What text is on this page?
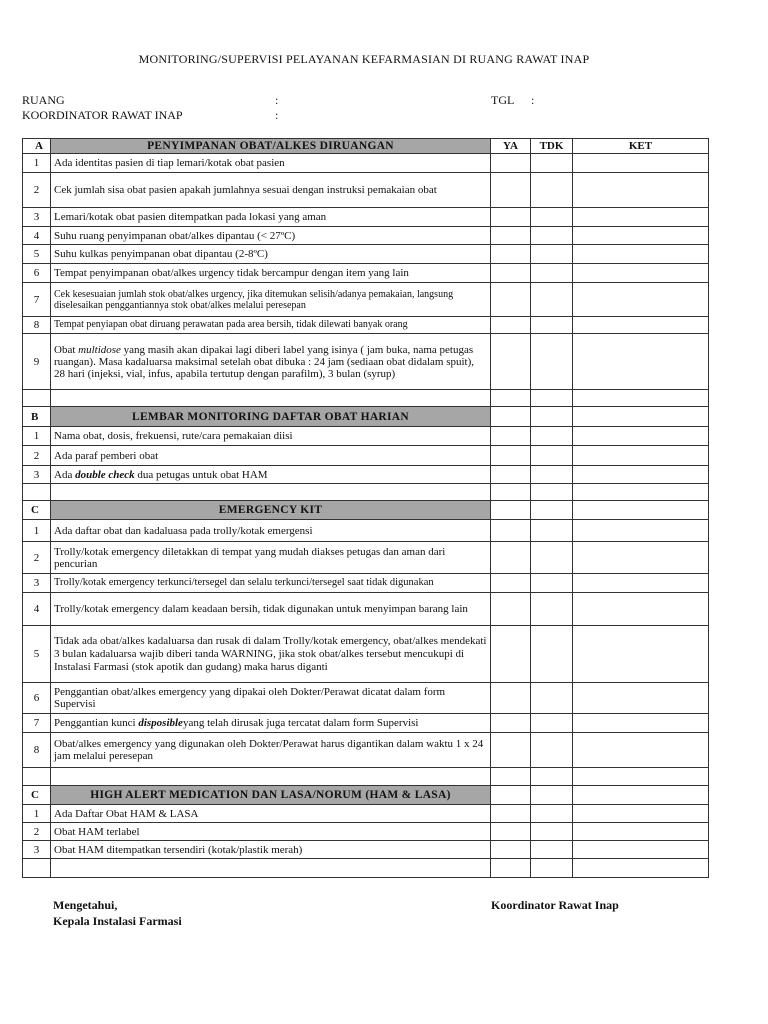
MONITORING/SUPERVISI PELAYANAN KEFARMASIAN DI RUANG RAWAT INAP
RUANG	:
KOORDINATOR RAWAT INAP	:
TGL :
A	PENYIMPANAN OBAT/ALKES DIRUANGAN	YA	TDK	KET
1	Ada identitas pasien di tiap lemari/kotak obat pasien			
2	Cek jumlah sisa obat pasien apakah jumlahnya sesuai dengan instruksi pemakaian obat			
3	Lemari/kotak obat pasien ditempatkan pada lokasi yang aman			
4	Suhu ruang penyimpanan obat/alkes dipantau (< 27ºC)			
5	Suhu kulkas penyimpanan obat dipantau (2-8ºC)			
6	Tempat penyimpanan obat/alkes urgency tidak bercampur dengan item yang lain			
7	Cek kesesuaian jumlah stok obat/alkes urgency, jika ditemukan selisih/adanya pemakaian, langsung diselesaikan penggantiannya stok obat/alkes melalui peresepan			
8	Tempat penyiapan obat diruang perawatan pada area bersih, tidak dilewati banyak orang			
9	Obat multidose yang masih akan dipakai lagi diberi label yang isinya ( jam buka, nama petugas ruangan). Masa kadaluarsa maksimal setelah obat dibuka : 24 jam (sediaan obat didalam spuit), 28 hari (injeksi, vial, infus, apabila tertutup dengan parafilm), 3 bulan (syrup)			

B	LEMBAR MONITORING DAFTAR OBAT HARIAN			
1	Nama obat, dosis, frekuensi, rute/cara pemakaian diisi			
2	Ada paraf pemberi obat			
3	Ada double check dua petugas untuk obat HAM			

C	EMERGENCY KIT			
1	Ada daftar obat dan kadaluasa pada trolly/kotak emergensi			
2	Trolly/kotak emergency diletakkan di tempat yang mudah diakses petugas dan aman dari pencurian			
3	Trolly/kotak emergency terkunci/tersegel dan selalu terkunci/tersegel saat tidak digunakan			
4	Trolly/kotak emergency dalam keadaan bersih, tidak digunakan untuk menyimpan barang lain			
5	Tidak ada obat/alkes kadaluarsa dan rusak di dalam Trolly/kotak emergency, obat/alkes mendekati 3 bulan kadaluarsa wajib diberi tanda WARNING, jika stok obat/alkes tersebut mencukupi di Instalasi Farmasi (stok apotik dan gudang) maka harus diganti			
6	Penggantian obat/alkes emergency yang dipakai oleh Dokter/Perawat dicatat dalam form Supervisi			
7	Penggantian kunci disposibleyang telah dirusak juga tercatat dalam form Supervisi			
8	Obat/alkes emergency yang digunakan oleh Dokter/Perawat harus digantikan dalam waktu 1 x 24 jam melalui peresepan			

C	HIGH ALERT MEDICATION DAN LASA/NORUM (HAM & LASA)			
1	Ada Daftar Obat HAM & LASA			
2	Obat HAM terlabel			
3	Obat HAM ditempatkan tersendiri (kotak/plastik merah)			

Mengetahui,
Kepala Instalasi Farmasi
Koordinator Rawat Inap
